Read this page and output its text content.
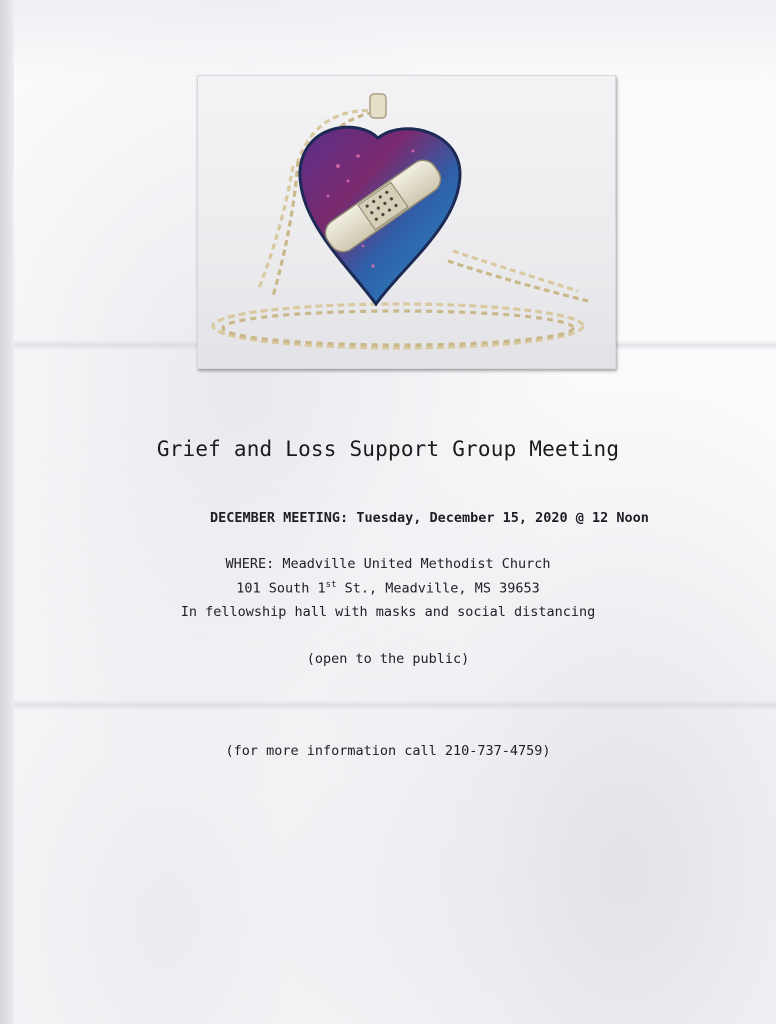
Grief and Loss Support Group Meeting
DECEMBER MEETING: Tuesday, December 15, 2020 @ 12 Noon
WHERE: Meadville United Methodist Church
101 South 1st St., Meadville, MS 39653
In fellowship hall with masks and social distancing
(open to the public)
(for more information call 210-737-4759)
